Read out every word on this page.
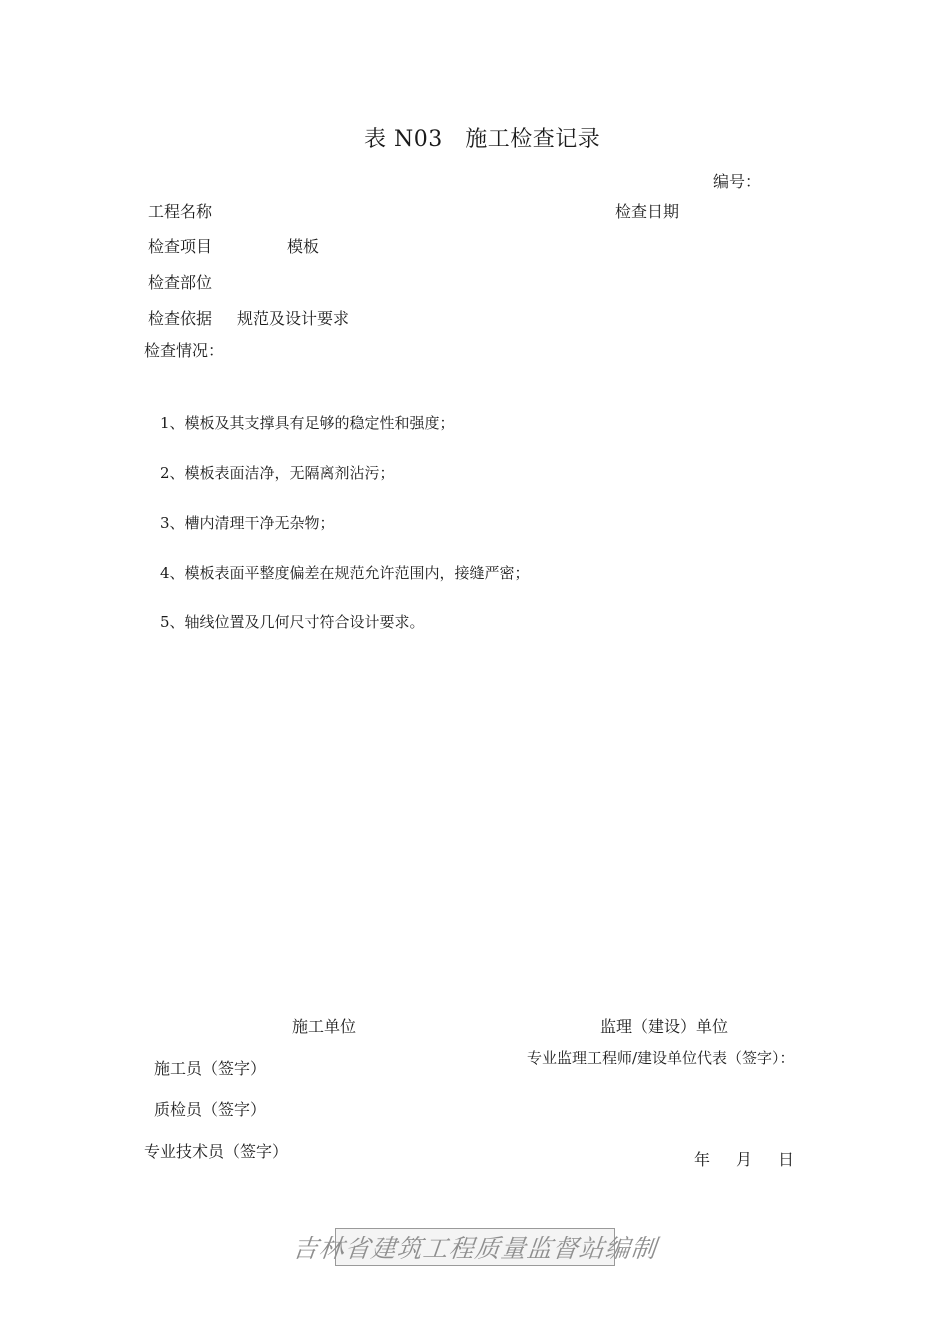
表 N03　施工检查记录
编号：
工程名称	检查日期
检查项目	模板
检查部位
检查依据 规范及设计要求
检查情况：
1、模板及其支撑具有足够的稳定性和强度；
2、模板表面洁净，无隔离剂沾污；
3、槽内清理干净无杂物；
4、模板表面平整度偏差在规范允许范围内，接缝严密；
5、轴线位置及几何尺寸符合设计要求。
施工单位	监理（建设）单位
施工员（签字）
专业监理工程师/建设单位代表（签字）：
质检员（签字）
专业技术员（签字）	年 月 日
吉林省建筑工程质量监督站编制
